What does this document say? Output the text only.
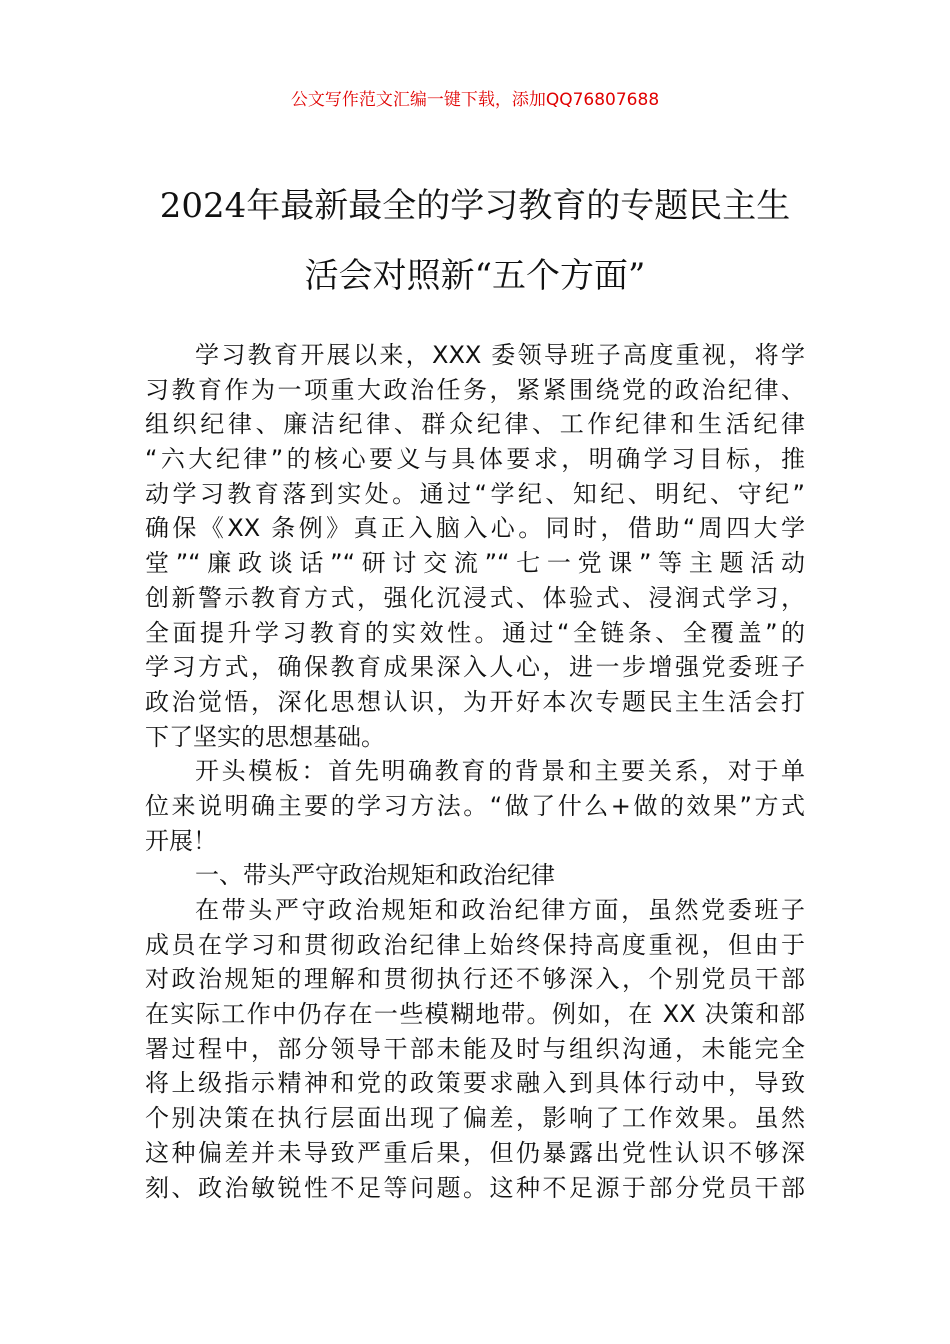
公文写作范文汇编一键下载，添加QQ76807688
2024年最新最全的学习教育的专题民主生
活会对照新“五个方面”
学习教育开展以来，XXX 委领导班子高度重视，将学
习教育作为一项重大政治任务，紧紧围绕党的政治纪律、
组织纪律、廉洁纪律、群众纪律、工作纪律和生活纪律
“六大纪律”的核心要义与具体要求，明确学习目标，推
动学习教育落到实处。通过“学纪、知纪、明纪、守纪”
确保《XX 条例》真正入脑入心。同时，借助“周四大学
堂”“廉政谈话”“研讨交流”“七一党课”等主题活动
创新警示教育方式，强化沉浸式、体验式、浸润式学习，
全面提升学习教育的实效性。通过“全链条、全覆盖”的
学习方式，确保教育成果深入人心，进一步增强党委班子
政治觉悟，深化思想认识，为开好本次专题民主生活会打
下了坚实的思想基础。
开头模板：首先明确教育的背景和主要关系，对于单
位来说明确主要的学习方法。“做了什么+做的效果”方式
开展！
一、带头严守政治规矩和政治纪律
在带头严守政治规矩和政治纪律方面，虽然党委班子
成员在学习和贯彻政治纪律上始终保持高度重视，但由于
对政治规矩的理解和贯彻执行还不够深入，个别党员干部
在实际工作中仍存在一些模糊地带。例如，在 XX 决策和部
署过程中，部分领导干部未能及时与组织沟通，未能完全
将上级指示精神和党的政策要求融入到具体行动中，导致
个别决策在执行层面出现了偏差，影响了工作效果。虽然
这种偏差并未导致严重后果，但仍暴露出党性认识不够深
刻、政治敏锐性不足等问题。这种不足源于部分党员干部
